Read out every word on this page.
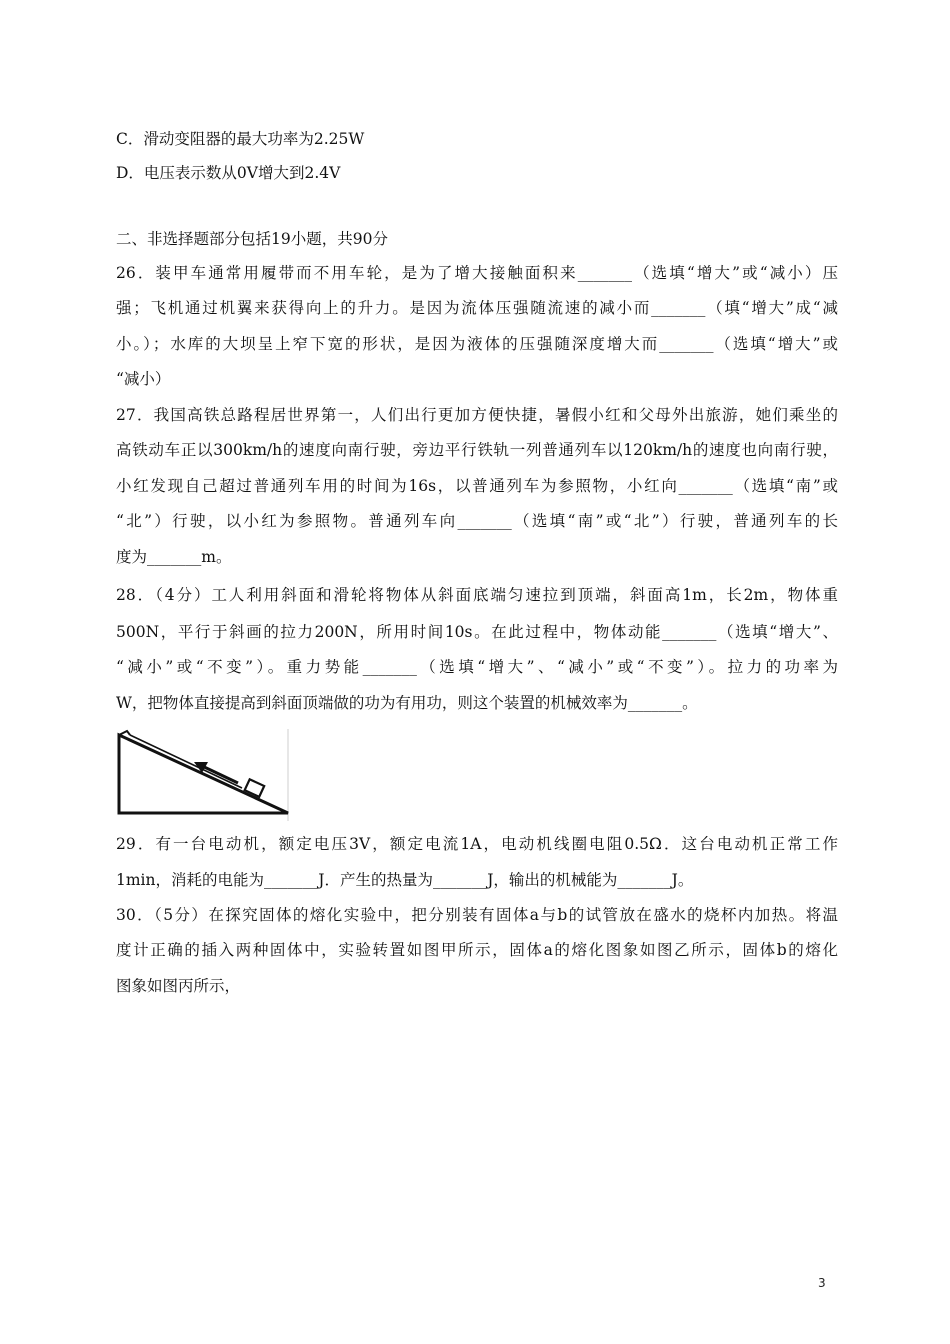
C．滑动变阻器的最大功率为2.25W
D．电压表示数从0V增大到2.4V
二、非选择题部分包括19小题，共90分
26．装甲车通常用履带而不用车轮，是为了增大接触面积来_______（选填“增大”或“减小）压
强；飞机通过机翼来获得向上的升力。是因为流体压强随流速的减小而_______（填“增大”成“减
小。）；水库的大坝呈上窄下宽的形状，是因为液体的压强随深度增大而_______（选填“增大”或
“减小）
27．我国高铁总路程居世界第一，人们出行更加方便快捷，暑假小红和父母外出旅游，她们乘坐的
高铁动车正以300km/h的速度向南行驶，旁边平行铁轨一列普通列车以120km/h的速度也向南行驶，
小红发现自己超过普通列车用的时间为16s，以普通列车为参照物，小红向_______（选填“南”或
“北”）行驶，以小红为参照物。普通列车向_______（选填“南”或“北”）行驶，普通列车的长
度为_______m。
28．（4分）工人利用斜面和滑轮将物体从斜面底端匀速拉到顶端，斜面高1m，长2m，物体重
500N，平行于斜画的拉力200N，所用时间10s。在此过程中，物体动能_______（选填“增大”、
“减小”或“不变”）。重力势能_______（选填“增大”、“减小”或“不变”）。拉力的功率为
W，把物体直接提高到斜面顶端做的功为有用功，则这个装置的机械效率为_______。
29．有一台电动机，额定电压3V，额定电流1A，电动机线圈电阻0.5Ω．这台电动机正常工作
1min，消耗的电能为_______J．产生的热量为_______J，输出的机械能为_______J。
30．（5分）在探究固体的熔化实验中，把分别装有固体a与b的试管放在盛水的烧杯内加热。将温
度计正确的插入两种固体中，实验转置如图甲所示，固体a的熔化图象如图乙所示，固体b的熔化
图象如图丙所示，
3
